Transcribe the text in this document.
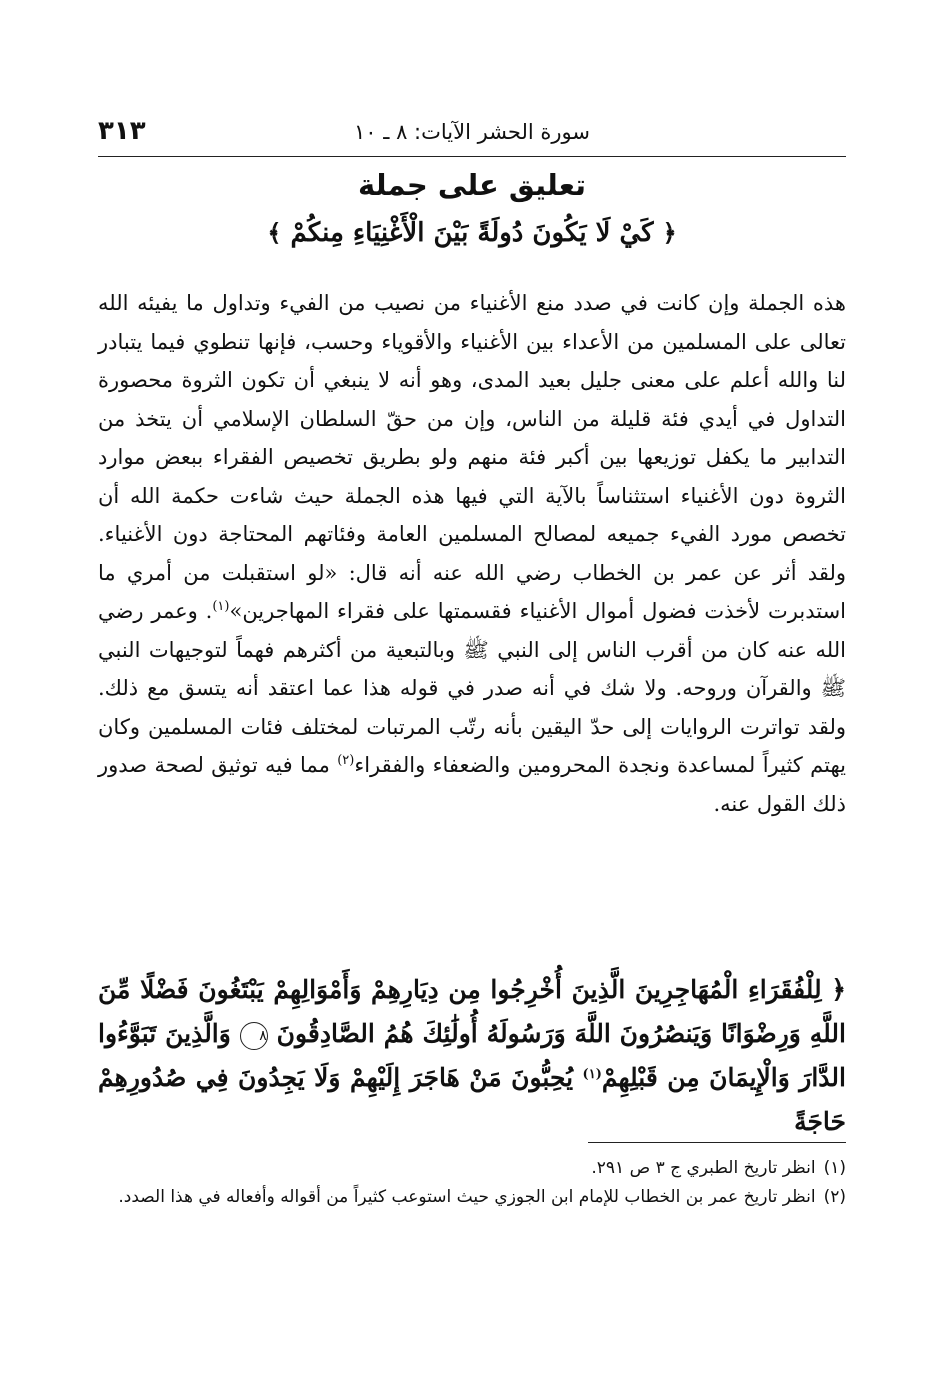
سورة الحشر الآيات: ٨ ـ ١٠
٣١٣
تعليق على جملة
﴿ كَيْ لَا يَكُونَ دُولَةً بَيْنَ الْأَغْنِيَاءِ مِنكُمْ ﴾
هذه الجملة وإن كانت في صدد منع الأغنياء من نصيب من الفيء وتداول ما يفيئه الله تعالى على المسلمين من الأعداء بين الأغنياء والأقوياء وحسب، فإنها تنطوي فيما يتبادر لنا والله أعلم على معنى جليل بعيد المدى، وهو أنه لا ينبغي أن تكون الثروة محصورة التداول في أيدي فئة قليلة من الناس، وإن من حقّ السلطان الإسلامي أن يتخذ من التدابير ما يكفل توزيعها بين أكبر فئة منهم ولو بطريق تخصيص الفقراء ببعض موارد الثروة دون الأغنياء استثناساً بالآية التي فيها هذه الجملة حيث شاءت حكمة الله أن تخصص مورد الفيء جميعه لمصالح المسلمين العامة وفئاتهم المحتاجة دون الأغنياء. ولقد أثر عن عمر بن الخطاب رضي الله عنه أنه قال: «لو استقبلت من أمري ما استدبرت لأخذت فضول أموال الأغنياء فقسمتها على فقراء المهاجرين»$^{(١)}$. وعمر رضي الله عنه كان من أقرب الناس إلى النبي ﷺ وبالتبعية من أكثرهم فهماً لتوجيهات النبي ﷺ والقرآن وروحه. ولا شك في أنه صدر في قوله هذا عما اعتقد أنه يتسق مع ذلك. ولقد تواترت الروايات إلى حدّ اليقين بأنه رتّب المرتبات لمختلف فئات المسلمين وكان يهتم كثيراً لمساعدة ونجدة المحرومين والضعفاء والفقراء$^{(٢)}$ مما فيه توثيق لصحة صدور ذلك القول عنه.
﴿ لِلْفُقَرَاءِ الْمُهَاجِرِينَ الَّذِينَ أُخْرِجُوا مِن دِيَارِهِمْ وَأَمْوَالِهِمْ يَبْتَغُونَ فَضْلًا مِّنَ اللَّهِ وَرِضْوَانًا وَيَنصُرُونَ اللَّهَ وَرَسُولَهُ أُولَٰئِكَ هُمُ الصَّادِقُونَ ٨ وَالَّذِينَ تَبَوَّءُوا الدَّارَ وَالْإِيمَانَ مِن قَبْلِهِمْ$^{(١)}$ يُحِبُّونَ مَنْ هَاجَرَ إِلَيْهِمْ وَلَا يَجِدُونَ فِي صُدُورِهِمْ حَاجَةً
(١)
انظر تاريخ الطبري ج ٣ ص ٢٩١.
(٢)
انظر تاريخ عمر بن الخطاب للإمام ابن الجوزي حيث استوعب كثيراً من أقواله وأفعاله في هذا الصدد.
